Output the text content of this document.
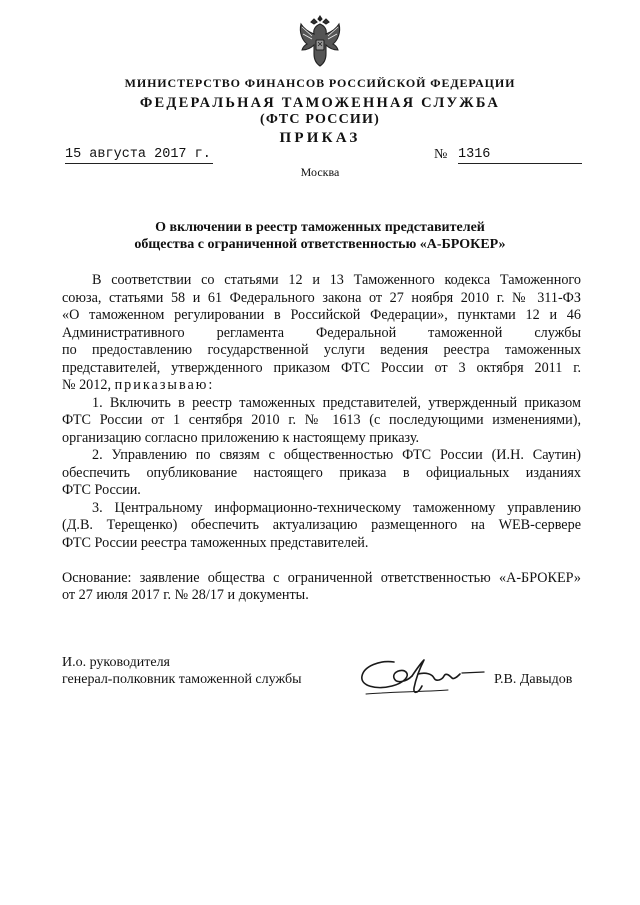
МИНИСТЕРСТВО ФИНАНСОВ РОССИЙСКОЙ ФЕДЕРАЦИИ
ФЕДЕРАЛЬНАЯ ТАМОЖЕННАЯ СЛУЖБА
(ФТС РОССИИ)
ПРИКАЗ
15 августа 2017 г.	№ 1316
Москва
О включении в реестр таможенных представителей
общества с ограниченной ответственностью «А-БРОКЕР»
В соответствии со статьями 12 и 13 Таможенного кодекса Таможенного
союза, статьями 58 и 61 Федерального закона от 27 ноября 2010 г. № 311-ФЗ
«О таможенном регулировании в Российской Федерации», пунктами 12 и 46
Административного регламента Федеральной таможенной службы
по предоставлению государственной услуги ведения реестра таможенных
представителей, утвержденного приказом ФТС России от 3 октября 2011 г.
№ 2012, приказываю:
1. Включить в реестр таможенных представителей, утвержденный приказом
ФТС России от 1 сентября 2010 г. № 1613 (с последующими изменениями),
организацию согласно приложению к настоящему приказу.
2. Управлению по связям с общественностью ФТС России (И.Н. Саутин)
обеспечить опубликование настоящего приказа в официальных изданиях
ФТС России.
3. Центральному информационно-техническому таможенному управлению
(Д.В. Терещенко) обеспечить актуализацию размещенного на WEB-сервере
ФТС России реестра таможенных представителей.
Основание: заявление общества с ограниченной ответственностью «А-БРОКЕР»
от 27 июля 2017 г. № 28/17 и документы.
И.о. руководителя
генерал-полковник таможенной службы	Р.В. Давыдов
